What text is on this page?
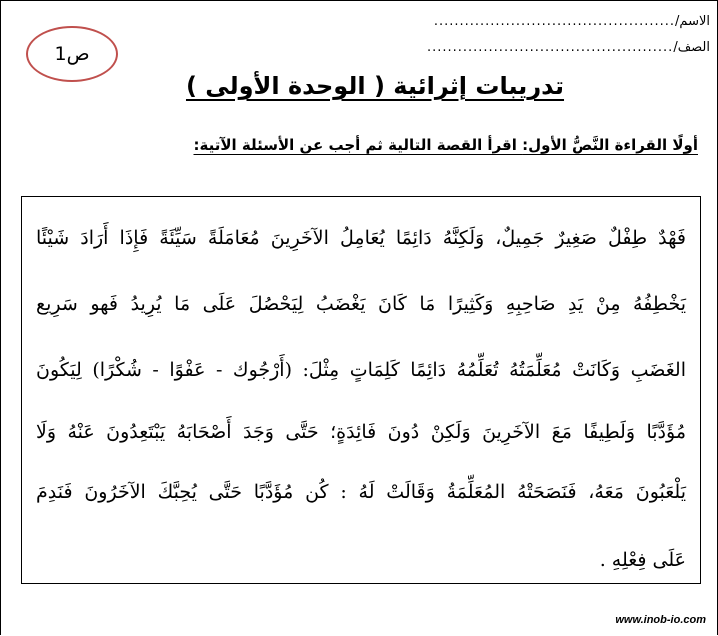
الاسم/...............................................
الصف/................................................
ص1
تدريبات إثرائية ( الوحدة الأولى )
أولًا القراءة النَّصُّ الأول: اقرأ القصة التالية ثم أجب عن الأسئلة الآتية:
فَهْدٌ طِفْلٌ صَغِيرٌ جَمِيلٌ، وَلَكِنَّهُ دَائِمًا يُعَامِلُ الآخَرِينَ مُعَامَلَةً سَيِّئَةً فَإِذَا أَرَادَ شَيْئًا
يَخْطِفُهُ مِنْ يَدِ صَاحِبِهِ وَكَثِيرًا مَا كَانَ يَغْضَبُ لِيَحْصُلَ عَلَى مَا يُرِيدُ فَهو سَرِيع
الغَضَبِ وَكَانَتْ مُعَلِّمَتُهُ تُعَلِّمُهُ دَائِمًا كَلِمَاتٍ مِثْلَ: (أَرْجُوك - عَفْوًا - شُكْرًا) لِيَكُونَ
مُؤَدَّبًا وَلَطِيفًا مَعَ الآخَرِينَ وَلَكِنْ دُونَ فَائِدَةٍ؛ حَتَّى وَجَدَ أَصْحَابَهُ يَبْتَعِدُونَ عَنْهُ وَلَا
يَلْعَبُونَ مَعَهُ، فَنَصَحَتْهُ المُعَلِّمَةُ وَقَالَتْ لَهُ : كُن مُؤَدَّبًا حَتَّى يُحِبَّكَ الآخَرُونَ فَنَدِمَ
عَلَى فِعْلِهِ .
www.inob-io.com
